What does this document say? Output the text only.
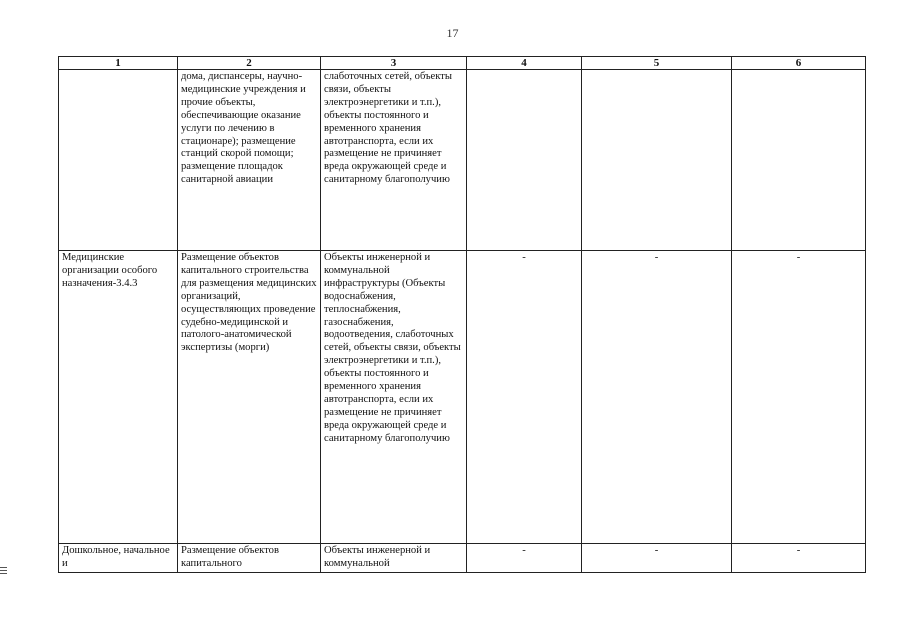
17
1	2	3	4	5	6
	дома, диспансеры, научно-медицинские учреждения и прочие объекты, обеспечивающие оказание услуги по лечению в стационаре); размещение станций скорой помощи; размещение площадок санитарной авиации	слаботочных сетей, объекты связи, объекты электроэнергетики и т.п.), объекты постоянного и временного хранения автотранспорта, если их размещение не причиняет вреда окружающей среде и санитарному благополучию			
Медицинские организации особого назначения-3.4.3	Размещение объектов капитального строительства для размещения медицинских организаций, осуществляющих проведение судебно-медицинской и патолого-анатомической экспертизы (морги)	Объекты инженерной и коммунальной инфраструктуры (Объекты водоснабжения, теплоснабжения, газоснабжения, водоотведения, слаботочных сетей, объекты связи, объекты электроэнергетики и т.п.), объекты постоянного и временного хранения автотранспорта, если их размещение не причиняет вреда окружающей среде и санитарному благополучию	-	-	-
Дошкольное, начальное и	Размещение объектов капитального	Объекты инженерной и коммунальной	-	-	-
